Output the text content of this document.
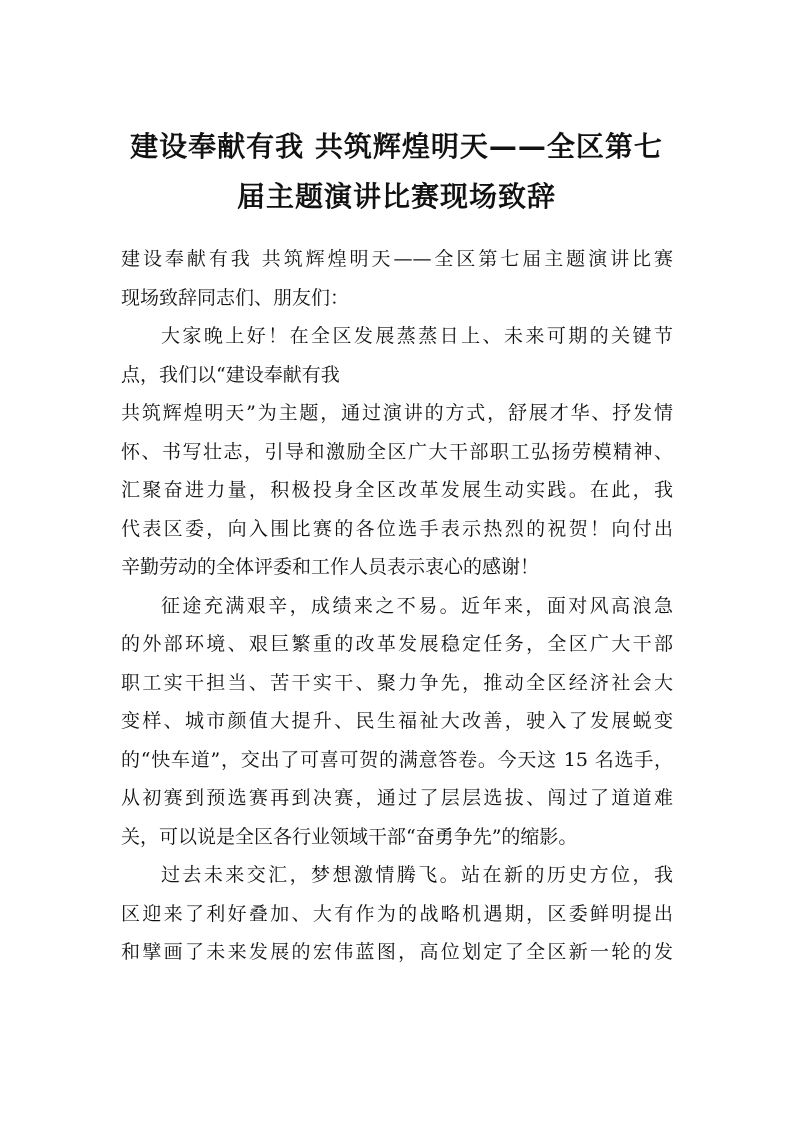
建设奉献有我 共筑辉煌明天——全区第七
届主题演讲比赛现场致辞
建设奉献有我 共筑辉煌明天——全区第七届主题演讲比赛
现场致辞同志们、朋友们：
大家晚上好！在全区发展蒸蒸日上、未来可期的关键节
点，我们以“建设奉献有我
共筑辉煌明天”为主题，通过演讲的方式，舒展才华、抒发情
怀、书写壮志，引导和激励全区广大干部职工弘扬劳模精神、
汇聚奋进力量，积极投身全区改革发展生动实践。在此，我
代表区委，向入围比赛的各位选手表示热烈的祝贺！向付出
辛勤劳动的全体评委和工作人员表示衷心的感谢！
征途充满艰辛，成绩来之不易。近年来，面对风高浪急
的外部环境、艰巨繁重的改革发展稳定任务，全区广大干部
职工实干担当、苦干实干、聚力争先，推动全区经济社会大
变样、城市颜值大提升、民生福祉大改善，驶入了发展蜕变
的“快车道”，交出了可喜可贺的满意答卷。今天这 15 名选手，
从初赛到预选赛再到决赛，通过了层层选拔、闯过了道道难
关，可以说是全区各行业领域干部“奋勇争先”的缩影。
过去未来交汇，梦想激情腾飞。站在新的历史方位，我
区迎来了利好叠加、大有作为的战略机遇期，区委鲜明提出
和擘画了未来发展的宏伟蓝图，高位划定了全区新一轮的发
